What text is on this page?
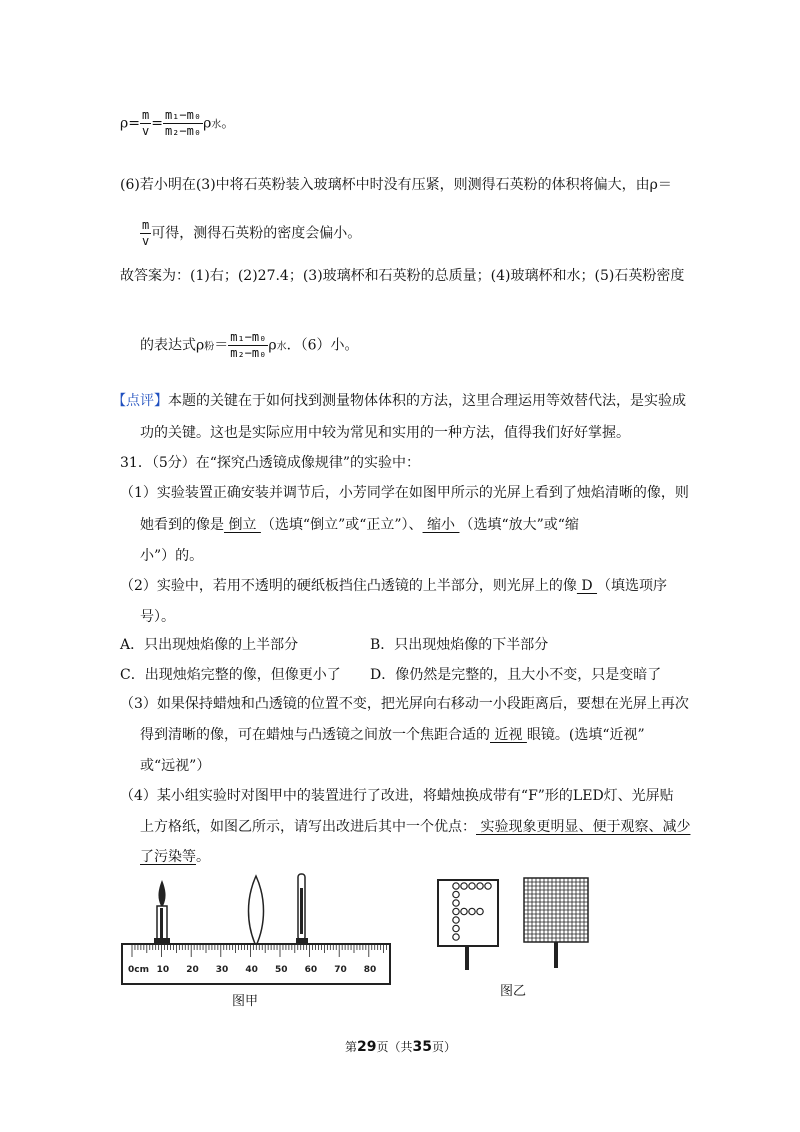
$\rho= \frac{m}{v} = \frac{\text{m₁−m₀}}{\text{m₂−m₀}}$ ρ水。
(6)若小明在(3)中将石英粉装入玻璃杯中时没有压紧，则测得石英粉的体积将偏大，由ρ＝
$\frac{m}{v}$ 可得，测得石英粉的密度会偏小。
故答案为：(1)右；(2)27.4；(3)玻璃杯和石英粉的总质量；(4)玻璃杯和水；(5)石英粉密度
的表达式ρ粉＝ $\frac{\text{m₁−m₀}}{\text{m₂−m₀}}$ ρ水．（6）小。
【点评】本题的关键在于如何找到测量物体体积的方法，这里合理运用等效替代法，是实验成
功的关键。这也是实际应用中较为常见和实用的一种方法，值得我们好好掌握。
31．（5分）在“探究凸透镜成像规律”的实验中：
（1）实验装置正确安装并调节后，小芳同学在如图甲所示的光屏上看到了烛焰清晰的像，则
她看到的像是 倒立 （选填“倒立”或“正立”）、 缩小 （选填“放大”或“缩
小”）的。
（2）实验中，若用不透明的硬纸板挡住凸透镜的上半部分，则光屏上的像 D （填选项序
号）。
A．只出现烛焰像的上半部分	B．只出现烛焰像的下半部分
C．出现烛焰完整的像，但像更小了 D．像仍然是完整的，且大小不变，只是变暗了
（3）如果保持蜡烛和凸透镜的位置不变，把光屏向右移动一小段距离后，要想在光屏上再次
得到清晰的像，可在蜡烛与凸透镜之间放一个焦距合适的 近视 眼镜。(选填“近视”
或“远视”）
（4）某小组实验时对图甲中的装置进行了改进，将蜡烛换成带有“F”形的LED灯、光屏贴
上方格纸，如图乙所示，请写出改进后其中一个优点： 实验现象更明显、便于观察、减少
了污染等。
0cm 10 20 30 40 50 60 70 80
图甲
图乙
第29页（共35页）
